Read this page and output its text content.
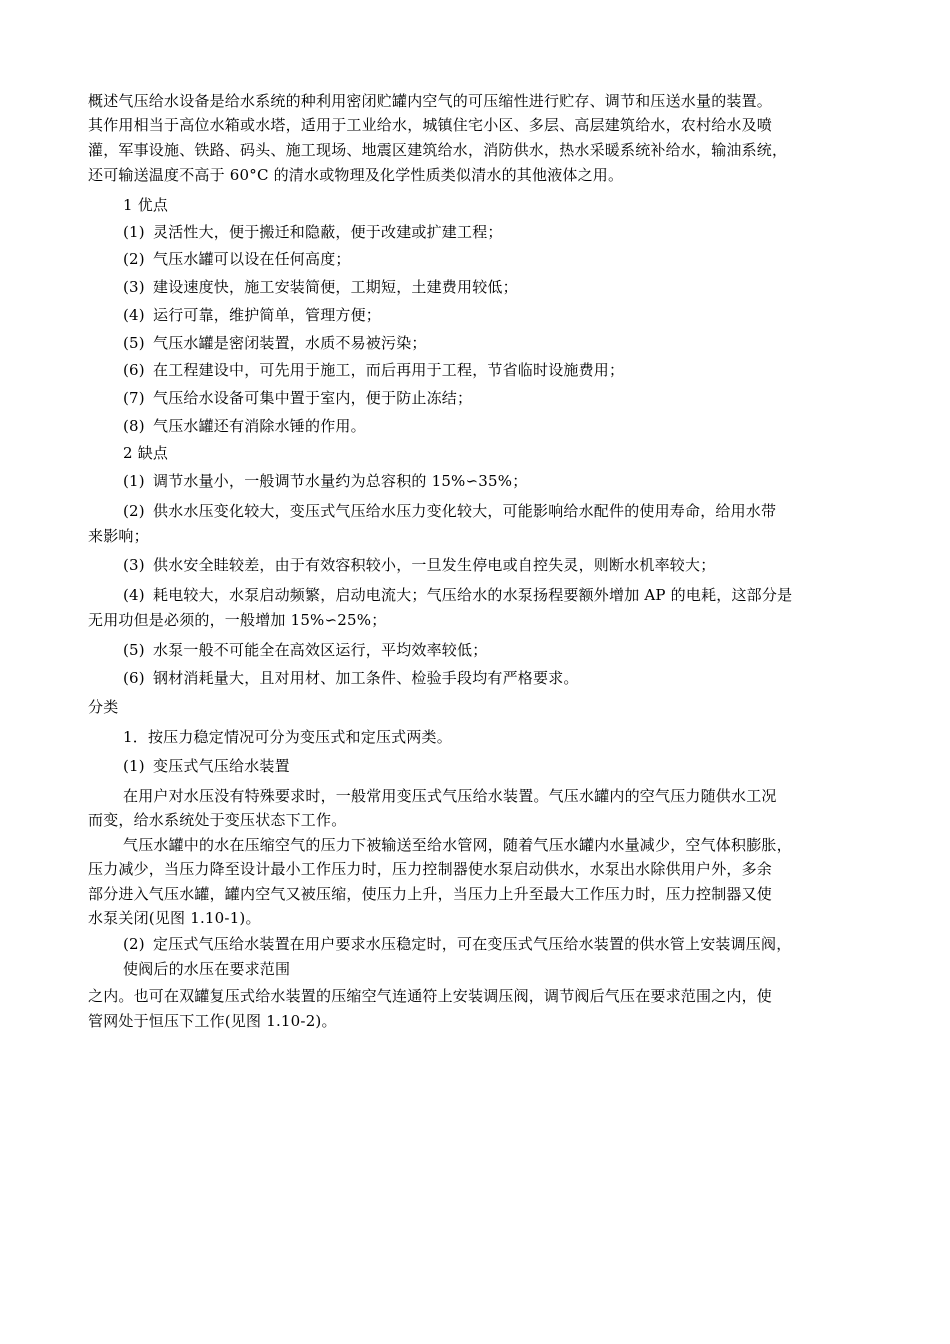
概述气压给水设备是给水系统的种利用密闭贮罐内空气的可压缩性进行贮存、调节和压送水量的装置。
其作用相当于高位水箱或水塔，适用于工业给水，城镇住宅小区、多层、高层建筑给水，农村给水及喷
灌，军事设施、铁路、码头、施工现场、地震区建筑给水，消防供水，热水采暖系统补给水，输油系统，
还可输送温度不高于 60°C 的清水或物理及化学性质类似清水的其他液体之用。
1 优点
(1) 灵活性大，便于搬迁和隐蔽，便于改建或扩建工程；
(2) 气压水罐可以设在任何高度；
(3) 建设速度快，施工安装简便，工期短，土建费用较低；
(4) 运行可靠，维护简单，管理方便；
(5) 气压水罐是密闭装置，水质不易被污染；
(6) 在工程建设中，可先用于施工，而后再用于工程，节省临时设施费用；
(7) 气压给水设备可集中置于室内，便于防止冻结；
(8) 气压水罐还有消除水锤的作用。
2 缺点
(1) 调节水量小，一般调节水量约为总容积的 15%∽35%；
(2) 供水水压变化较大，变压式气压给水压力变化较大，可能影响给水配件的使用寿命，给用水带
来影响；
(3) 供水安全眭较差，由于有效容积较小，一旦发生停电或自控失灵，则断水机率较大；
(4) 耗电较大，水泵启动频繁，启动电流大；气压给水的水泵扬程要额外增加 AP 的电耗，这部分是
无用功但是必须的，一般增加 15%∽25%；
(5) 水泵一般不可能全在高效区运行，平均效率较低；
(6) 钢材消耗量大，且对用材、加工条件、检验手段均有严格要求。
分类
1．按压力稳定情况可分为变压式和定压式两类。
(1) 变压式气压给水装置
在用户对水压没有特殊要求时，一般常用变压式气压给水装置。气压水罐内的空气压力随供水工况
而变，给水系统处于变压状态下工作。
气压水罐中的水在压缩空气的压力下被输送至给水管网，随着气压水罐内水量减少，空气体积膨胀，
压力减少，当压力降至设计最小工作压力时，压力控制器使水泵启动供水，水泵出水除供用户外，多余
部分进入气压水罐，罐内空气又被压缩，使压力上升，当压力上升至最大工作压力时，压力控制器又使
水泵关闭(见图 1.10-1)。
(2) 定压式气压给水装置在用户要求水压稳定时，可在变压式气压给水装置的供水管上安装调压阀，
使阀后的水压在要求范围
之内。也可在双罐复压式给水装置的压缩空气连通符上安装调压阀，调节阀后气压在要求范围之内，使
管网处于恒压下工作(见图 1.10-2)。
